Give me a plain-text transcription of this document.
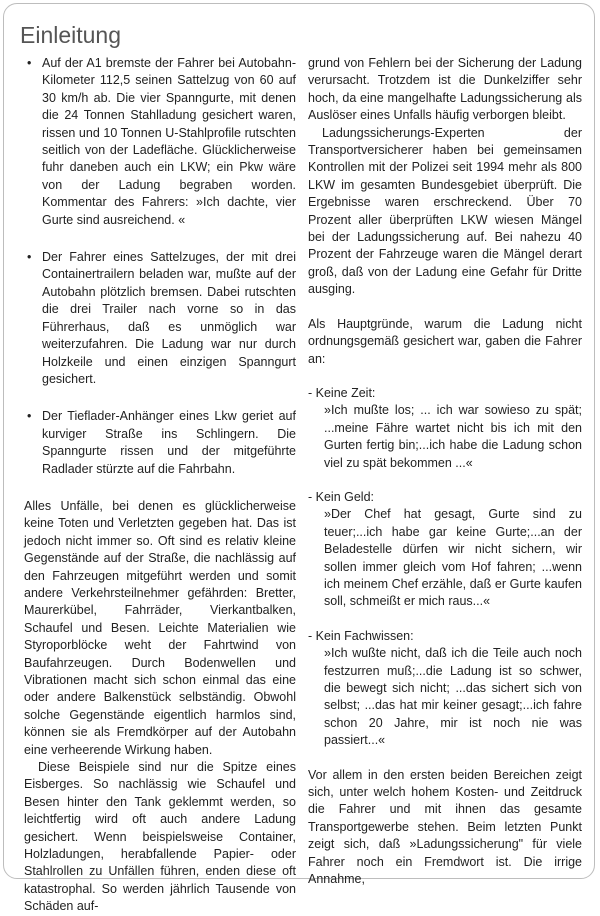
Einleitung

• Auf der A1 bremste der Fahrer bei Autobahn-Kilometer 112,5 seinen Sattelzug von 60 auf 30 km/h ab. Die vier Spanngurte, mit denen die 24 Tonnen Stahlladung gesichert waren, rissen und 10 Tonnen U-Stahlprofile rutschten seitlich von der Ladefläche. Glücklicherweise fuhr daneben auch ein LKW; ein Pkw wäre von der Ladung begraben worden. Kommentar des Fahrers: »Ich dachte, vier Gurte sind ausreichend. «

• Der Fahrer eines Sattelzuges, der mit drei Containertrailern beladen war, mußte auf der Autobahn plötzlich bremsen. Dabei rutschten die drei Trailer nach vorne so in das Führerhaus, daß es unmöglich war weiterzufahren. Die Ladung war nur durch Holzkeile und einen einzigen Spanngurt gesichert.

• Der Tieflader-Anhänger eines Lkw geriet auf kurviger Straße ins Schlingern. Die Spanngurte rissen und der mitgeführte Radlader stürzte auf die Fahrbahn.

Alles Unfälle, bei denen es glücklicherweise keine Toten und Verletzten gegeben hat. Das ist jedoch nicht immer so. Oft sind es relativ kleine Gegenstände auf der Straße, die nachlässig auf den Fahrzeugen mitgeführt werden und somit andere Verkehrsteilnehmer gefährden: Bretter, Maurerkübel, Fahrräder, Vierkantbalken, Schaufel und Besen. Leichte Materialien wie Styroporblöcke weht der Fahrtwind von Baufahrzeugen. Durch Bodenwellen und Vibrationen macht sich schon einmal das eine oder andere Balkenstück selbständig. Obwohl solche Gegenstände eigentlich harmlos sind, können sie als Fremdkörper auf der Autobahn eine verheerende Wirkung haben.

Diese Beispiele sind nur die Spitze eines Eisberges. So nachlässig wie Schaufel und Besen hinter den Tank geklemmt werden, so leichtfertig wird oft auch andere Ladung gesichert. Wenn beispielsweise Container, Holzladungen, herabfallende Papier- oder Stahlrollen zu Unfällen führen, enden diese oft katastrophal. So werden jährlich Tausende von Schäden auf-

grund von Fehlern bei der Sicherung der Ladung verursacht. Trotzdem ist die Dunkelziffer sehr hoch, da eine mangelhafte Ladungssicherung als Auslöser eines Unfalls häufig verborgen bleibt.

Ladungssicherungs-Experten der Transportversicherer haben bei gemeinsamen Kontrollen mit der Polizei seit 1994 mehr als 800 LKW im gesamten Bundesgebiet überprüft. Die Ergebnisse waren erschreckend. Über 70 Prozent aller überprüften LKW wiesen Mängel bei der Ladungssicherung auf. Bei nahezu 40 Prozent der Fahrzeuge waren die Mängel derart groß, daß von der Ladung eine Gefahr für Dritte ausging.

Als Hauptgründe, warum die Ladung nicht ordnungsgemäß gesichert war, gaben die Fahrer an:

- Keine Zeit:

»Ich mußte los; ... ich war sowieso zu spät; ...meine Fähre wartet nicht bis ich mit den Gurten fertig bin;...ich habe die Ladung schon viel zu spät bekommen ...«

- Kein Geld:

»Der Chef hat gesagt, Gurte sind zu teuer;...ich habe gar keine Gurte;...an der Beladestelle dürfen wir nicht sichern, wir sollen immer gleich vom Hof fahren; ...wenn ich meinem Chef erzähle, daß er Gurte kaufen soll, schmeißt er mich raus...«

- Kein Fachwissen:

»Ich wußte nicht, daß ich die Teile auch noch festzurren muß;...die Ladung ist so schwer, die bewegt sich nicht; ...das sichert sich von selbst; ...das hat mir keiner gesagt;...ich fahre schon 20 Jahre, mir ist noch nie was passiert...«

Vor allem in den ersten beiden Bereichen zeigt sich, unter welch hohem Kosten- und Zeitdruck die Fahrer und mit ihnen das gesamte Transportgewerbe stehen. Beim letzten Punkt zeigt sich, daß »Ladungssicherung" für viele Fahrer noch ein Fremdwort ist. Die irrige Annahme,
